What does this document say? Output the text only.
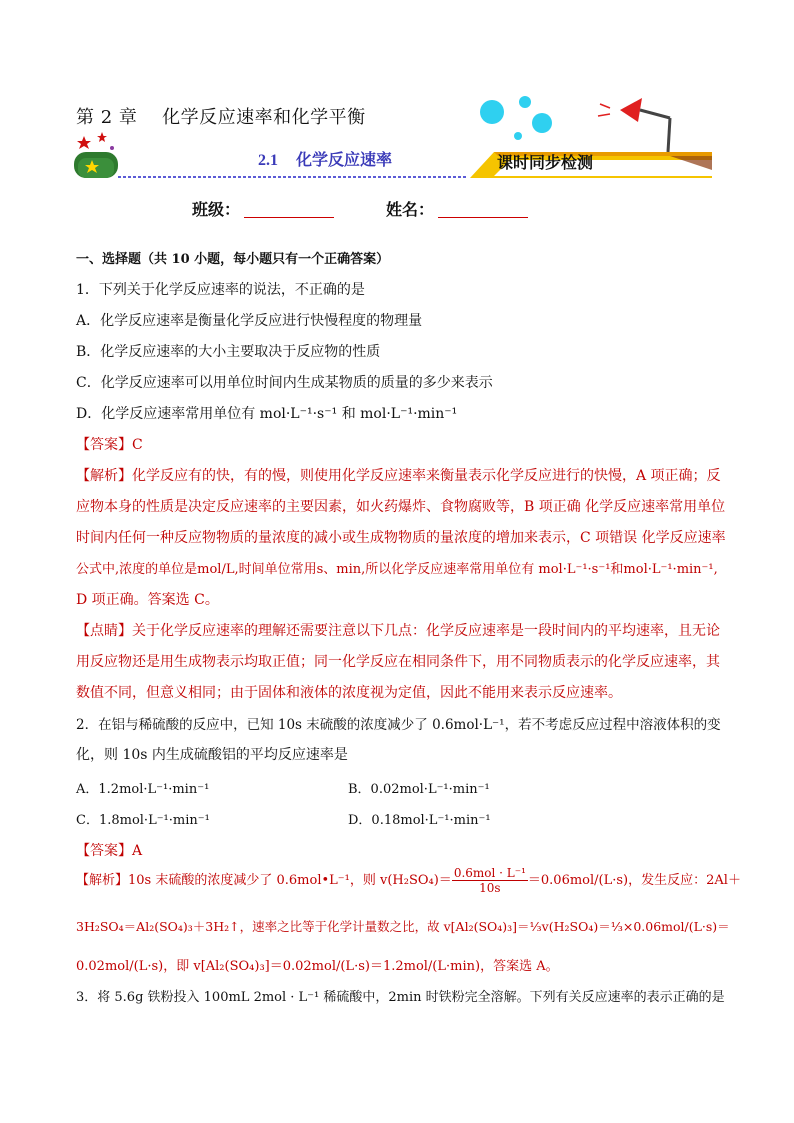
第 2 章　 化学反应速率和化学平衡
2.1 化学反应速率	课时同步检测
班级：	姓名：
一、选择题（共 10 小题，每小题只有一个正确答案）
1．下列关于化学反应速率的说法，不正确的是
A．化学反应速率是衡量化学反应进行快慢程度的物理量
B．化学反应速率的大小主要取决于反应物的性质
C．化学反应速率可以用单位时间内生成某物质的质量的多少来表示
D．化学反应速率常用单位有 mol·L⁻¹·s⁻¹ 和 mol·L⁻¹·min⁻¹
【答案】C
【解析】化学反应有的快，有的慢，则使用化学反应速率来衡量表示化学反应进行的快慢，A 项正确；反
应物本身的性质是决定反应速率的主要因素，如火药爆炸、食物腐败等，B 项正确 化学反应速率常用单位
时间内任何一种反应物物质的量浓度的减小或生成物物质的量浓度的增加来表示，C 项错误 化学反应速率
公式中,浓度的单位是mol/L,时间单位常用s、min,所以化学反应速率常用单位有 mol·L⁻¹·s⁻¹和mol·L⁻¹·min⁻¹,
D 项正确。答案选 C。
【点睛】关于化学反应速率的理解还需要注意以下几点：化学反应速率是一段时间内的平均速率，且无论
用反应物还是用生成物表示均取正值；同一化学反应在相同条件下，用不同物质表示的化学反应速率，其
数值不同，但意义相同；由于固体和液体的浓度视为定值，因此不能用来表示反应速率。
2．在铝与稀硫酸的反应中，已知 10s 末硫酸的浓度减少了 0.6mol·L⁻¹，若不考虑反应过程中溶液体积的变
化，则 10s 内生成硫酸铝的平均反应速率是
A．1.2mol·L⁻¹·min⁻¹	B．0.02mol·L⁻¹·min⁻¹
C．1.8mol·L⁻¹·min⁻¹	D．0.18mol·L⁻¹·min⁻¹
【答案】A
【解析】10s 末硫酸的浓度减少了 0.6mol•L⁻¹，则 $v(H_2SO_4)= \frac{\text{0.6mol · L⁻¹}}{10s} =0.06mol/(L\cdot s)$，发生反应：2Al＋
3H₂SO₄＝Al₂(SO₄)₃＋3H₂↑，速率之比等于化学计量数之比，故 v[Al₂(SO₄)₃]＝⅓v(H₂SO₄)＝⅓×0.06mol/(L·s)＝
0.02mol/(L·s)，即 v[Al₂(SO₄)₃]＝0.02mol/(L·s)＝1.2mol/(L·min)，答案选 A。
3．将 5.6g 铁粉投入 100mL 2mol · L⁻¹ 稀硫酸中，2min 时铁粉完全溶解。下列有关反应速率的表示正确的是
